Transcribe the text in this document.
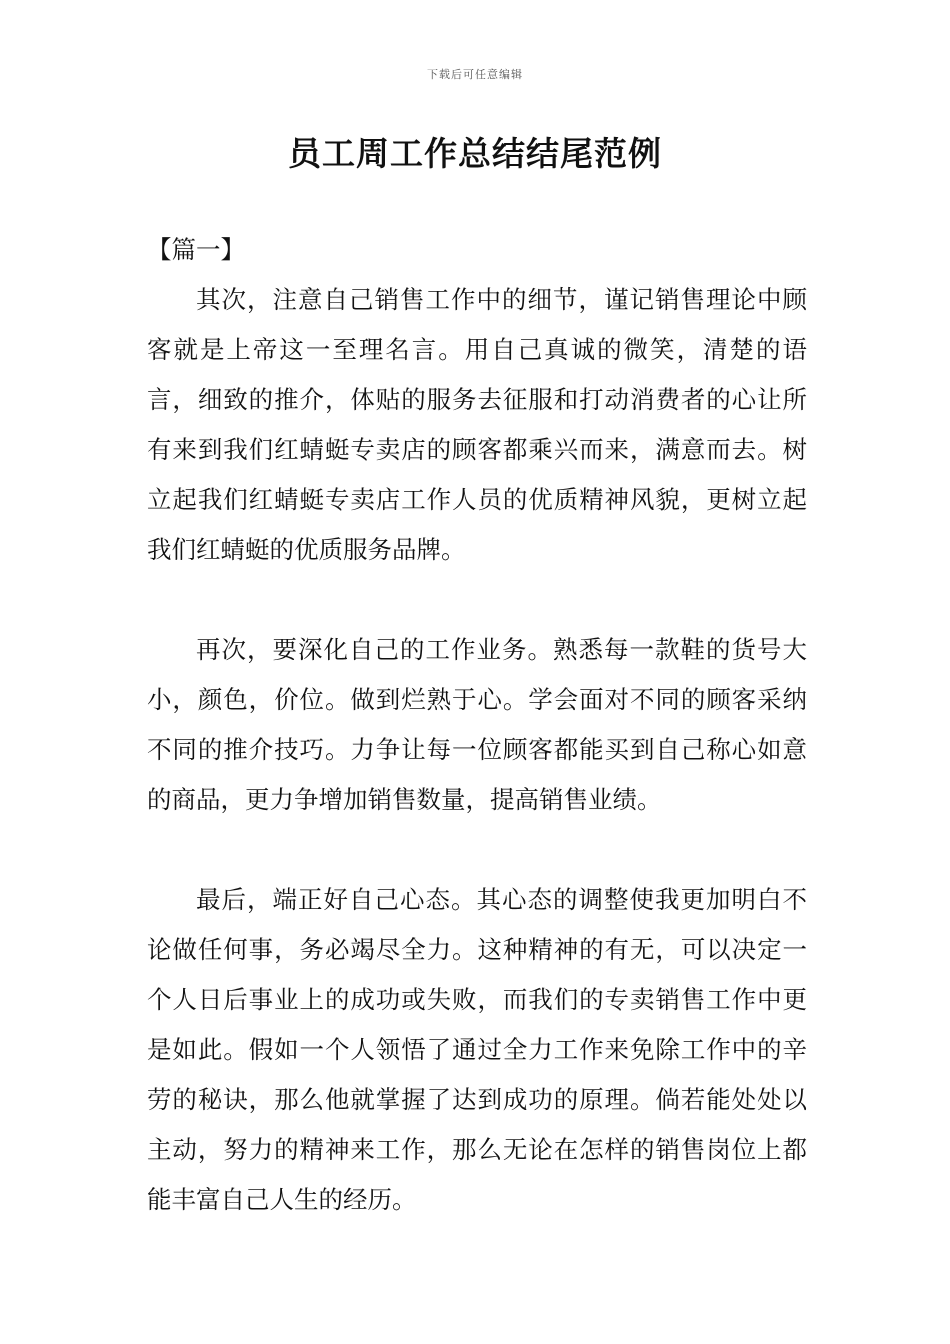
下载后可任意编辑
员工周工作总结结尾范例

【篇一】

其次，注意自己销售工作中的细节，谨记销售理论中顾客就是上帝这一至理名言。用自己真诚的微笑，清楚的语言，细致的推介，体贴的服务去征服和打动消费者的心让所有来到我们红蜻蜓专卖店的顾客都乘兴而来，满意而去。树立起我们红蜻蜓专卖店工作人员的优质精神风貌，更树立起我们红蜻蜓的优质服务品牌。

再次，要深化自己的工作业务。熟悉每一款鞋的货号大小，颜色，价位。做到烂熟于心。学会面对不同的顾客采纳不同的推介技巧。力争让每一位顾客都能买到自己称心如意的商品，更力争增加销售数量，提高销售业绩。

最后，端正好自己心态。其心态的调整使我更加明白不论做任何事，务必竭尽全力。这种精神的有无，可以决定一个人日后事业上的成功或失败，而我们的专卖销售工作中更是如此。假如一个人领悟了通过全力工作来免除工作中的辛劳的秘诀，那么他就掌握了达到成功的原理。倘若能处处以主动，努力的精神来工作，那么无论在怎样的销售岗位上都能丰富自己人生的经历。
